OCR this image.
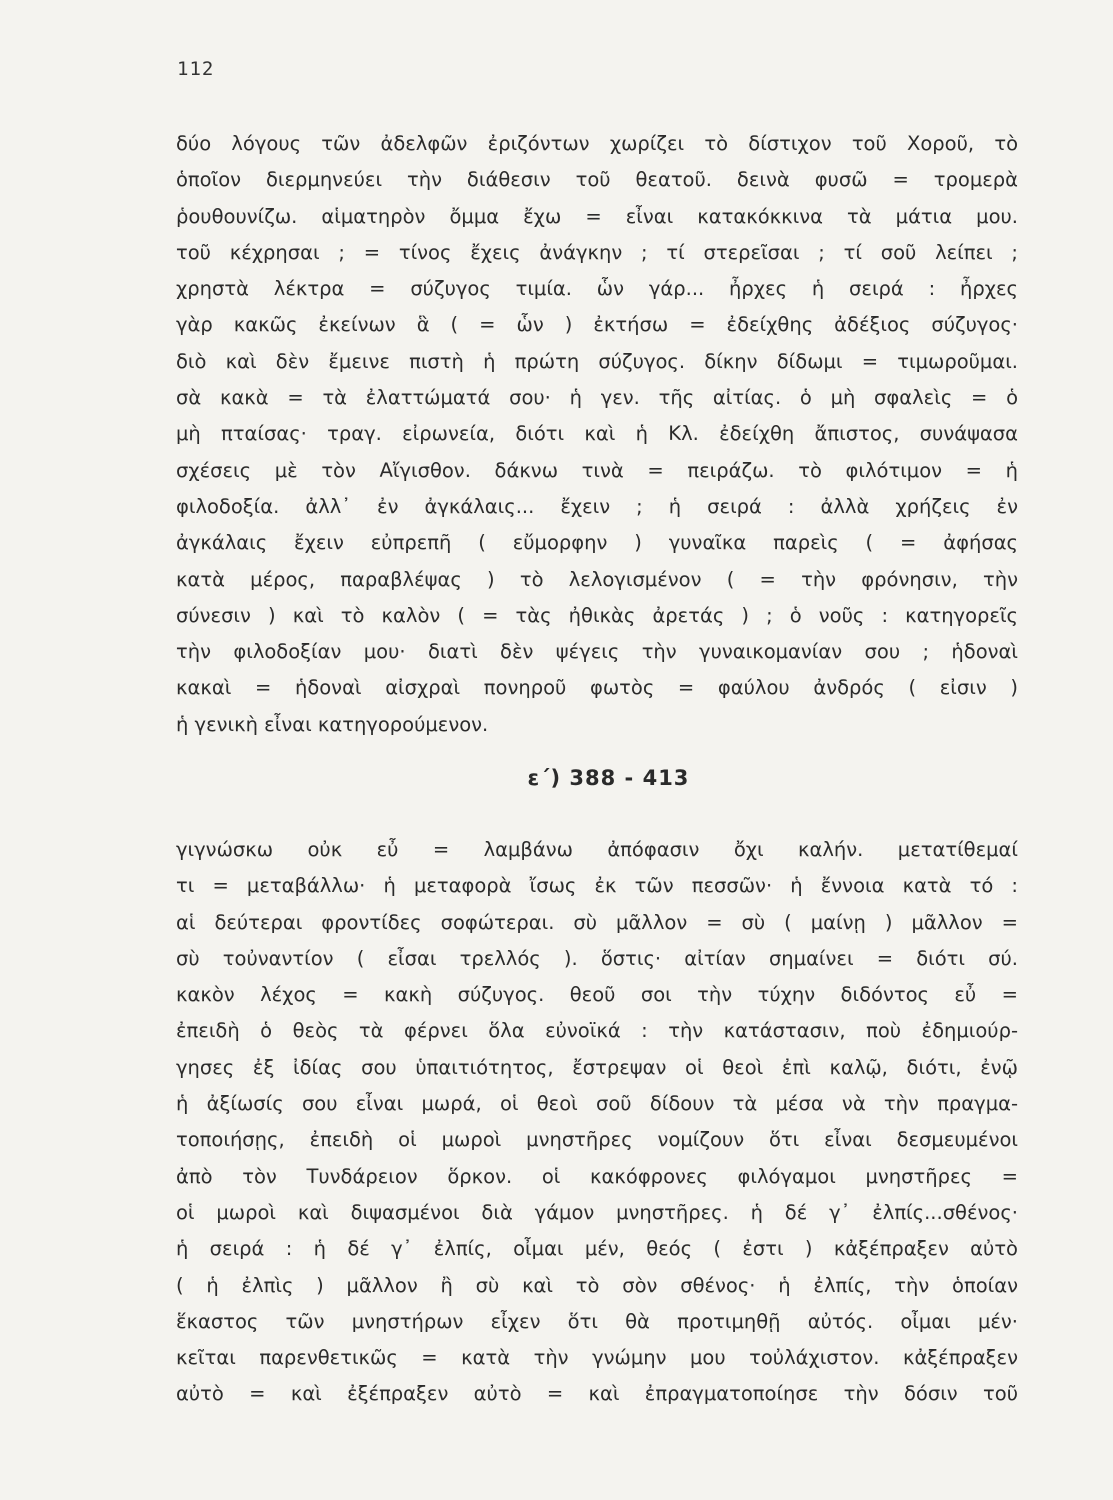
112
δύο λόγους τῶν ἀδελφῶν ἐριζόντων χωρίζει τὸ δίστιχον τοῦ Χοροῦ, τὸ
ὁποῖον διερμηνεύει τὴν διάθεσιν τοῦ θεατοῦ. δεινὰ φυσῶ = τρομερὰ
ῥουθουνίζω. αἱματηρὸν ὄμμα ἔχω = εἶναι κατακόκκινα τὰ μάτια μου.
τοῦ κέχρησαι ; = τίνος ἔχεις ἀνάγκην ; τί στερεῖσαι ; τί σοῦ λείπει ;
χρηστὰ λέκτρα = σύζυγος τιμία. ὧν γάρ... ἦρχες ἡ σειρά : ἦρχες
γὰρ κακῶς ἐκείνων ἃ ( = ὧν ) ἐκτήσω = ἐδείχθης ἀδέξιος σύζυγος·
διὸ καὶ δὲν ἔμεινε πιστὴ ἡ πρώτη σύζυγος. δίκην δίδωμι = τιμωροῦμαι.
σὰ κακὰ = τὰ ἐλαττώματά σου· ἡ γεν. τῆς αἰτίας. ὁ μὴ σφαλεὶς = ὁ
μὴ πταίσας· τραγ. εἰρωνεία, διότι καὶ ἡ Κλ. ἐδείχθη ἄπιστος, συνάψασα
σχέσεις μὲ τὸν Αἴγισθον. δάκνω τινὰ = πειράζω. τὸ φιλότιμον = ἡ
φιλοδοξία. ἀλλ᾽ ἐν ἀγκάλαις... ἔχειν ; ἡ σειρά : ἀλλὰ χρήζεις ἐν
ἀγκάλαις ἔχειν εὐπρεπῆ ( εὔμορφην ) γυναῖκα παρεὶς ( = ἀφήσας
κατὰ μέρος, παραβλέψας ) τὸ λελογισμένον ( = τὴν φρόνησιν, τὴν
σύνεσιν ) καὶ τὸ καλὸν ( = τὰς ἠθικὰς ἀρετάς ) ; ὁ νοῦς : κατηγορεῖς
τὴν φιλοδοξίαν μου· διατὶ δὲν ψέγεις τὴν γυναικομανίαν σου ; ἡδοναὶ
κακαὶ = ἡδοναὶ αἰσχραὶ πονηροῦ φωτὸς = φαύλου ἀνδρός ( εἰσιν )
ἡ γενικὴ εἶναι κατηγορούμενον.
ε΄) 388 - 413
γιγνώσκω οὐκ εὖ = λαμβάνω ἀπόφασιν ὄχι καλήν. μετατίθεμαί
τι = μεταβάλλω· ἡ μεταφορὰ ἴσως ἐκ τῶν πεσσῶν· ἡ ἔννοια κατὰ τό :
αἱ δεύτεραι φροντίδες σοφώτεραι. σὺ μᾶλλον = σὺ ( μαίνῃ ) μᾶλλον =
σὺ τοὐναντίον ( εἶσαι τρελλός ). ὅστις· αἰτίαν σημαίνει = διότι σύ.
κακὸν λέχος = κακὴ σύζυγος. θεοῦ σοι τὴν τύχην διδόντος εὖ =
ἐπειδὴ ὁ θεὸς τὰ φέρνει ὅλα εὐνοϊκά : τὴν κατάστασιν, ποὺ ἐδημιούρ-
γησες ἐξ ἰδίας σου ὑπαιτιότητος, ἔστρεψαν οἱ θεοὶ ἐπὶ καλῷ, διότι, ἐνῷ
ἡ ἀξίωσίς σου εἶναι μωρά, οἱ θεοὶ σοῦ δίδουν τὰ μέσα νὰ τὴν πραγμα-
τοποιήσῃς, ἐπειδὴ οἱ μωροὶ μνηστῆρες νομίζουν ὅτι εἶναι δεσμευμένοι
ἀπὸ τὸν Τυνδάρειον ὅρκον. οἱ κακόφρονες φιλόγαμοι μνηστῆρες =
οἱ μωροὶ καὶ διψασμένοι διὰ γάμον μνηστῆρες. ἡ δέ γ᾽ ἐλπίς...σθένος·
ἡ σειρά : ἡ δέ γ᾽ ἐλπίς, οἶμαι μέν, θεός ( ἐστι ) κἀξέπραξεν αὐτὸ
( ἡ ἐλπὶς ) μᾶλλον ἢ σὺ καὶ τὸ σὸν σθένος· ἡ ἐλπίς, τὴν ὁποίαν
ἕκαστος τῶν μνηστήρων εἶχεν ὅτι θὰ προτιμηθῇ αὐτός. οἶμαι μέν·
κεῖται παρενθετικῶς = κατὰ τὴν γνώμην μου τοὐλάχιστον. κἀξέπραξεν
αὐτὸ = καὶ ἐξέπραξεν αὐτὸ = καὶ ἐπραγματοποίησε τὴν δόσιν τοῦ
